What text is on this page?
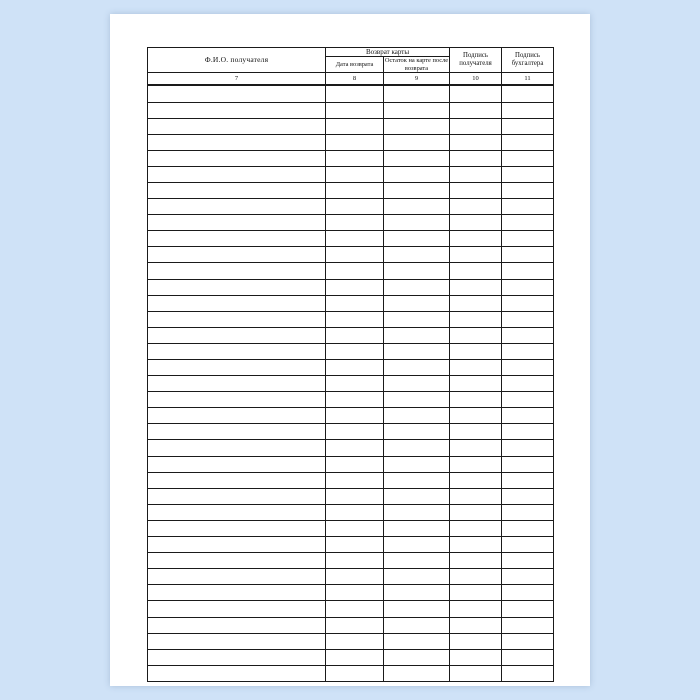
Ф.И.О. получателя	Возврат карты		Подпись получателя	Подпись бухгалтера
	Дата возврата	Остаток на карте после возврата		
7	8	9	10	11
